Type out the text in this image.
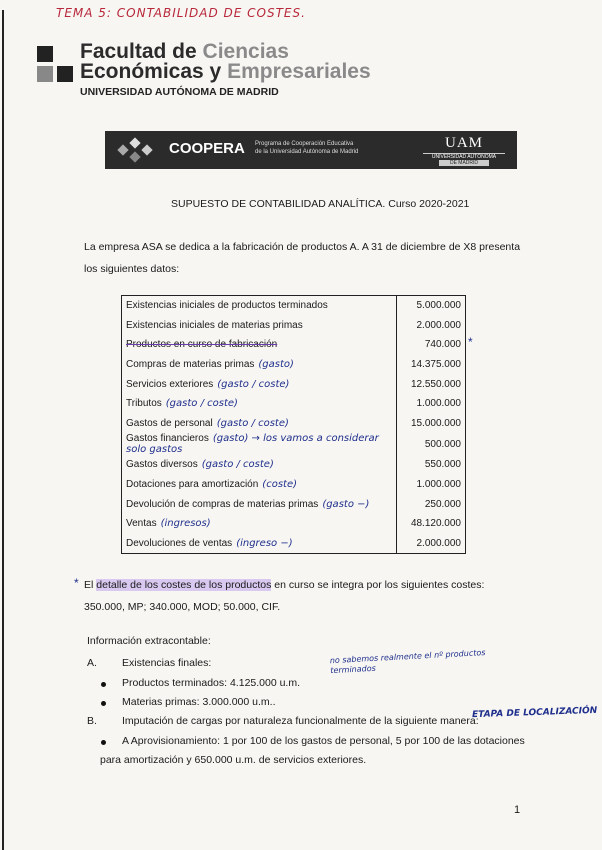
TEMA 5: CONTABILIDAD DE COSTES.
Facultad de Ciencias
Económicas y Empresariales
UNIVERSIDAD AUTÓNOMA DE MADRID
COOPERA Programa de Cooperación Educativa
de la Universidad Autónoma de Madrid
UAM
UNIVERSIDAD AUTÓNOMA
DE MADRID
SUPUESTO DE CONTABILIDAD ANALÍTICA. Curso 2020-2021
La empresa ASA se dedica a la fabricación de productos A. A 31 de diciembre de X8 presenta los siguientes datos:
Existencias iniciales de productos terminados	5.000.000
Existencias iniciales de materias primas	2.000.000
Productos en curso de fabricación	740.000
Compras de materias primas (gasto)	14.375.000
Servicios exteriores (gasto / coste)	12.550.000
Tributos (gasto / coste)	1.000.000
Gastos de personal (gasto / coste)	15.000.000
Gastos financieros (gasto) → los vamos a considerar solo gastos	500.000
Gastos diversos (gasto / coste)	550.000
Dotaciones para amortización (coste)	1.000.000
Devolución de compras de materias primas (gasto −)	250.000
Ventas (ingresos)	48.120.000
Devoluciones de ventas (ingreso −)	2.000.000
*
* El detalle de los costes de los productos en curso se integra por los siguientes costes: 350.000, MP; 340.000, MOD; 50.000, CIF.
Información extracontable:
A. Existencias finales:
Productos terminados: 4.125.000 u.m.
Materias primas: 3.000.000 u.m..
B. Imputación de cargas por naturaleza funcionalmente de la siguiente manera:
A Aprovisionamiento: 1 por 100 de los gastos de personal, 5 por 100 de las dotaciones
para amortización y 650.000 u.m. de servicios exteriores.
no sabemos realmente el nº productos terminados
ETAPA DE LOCALIZACIÓN
1
